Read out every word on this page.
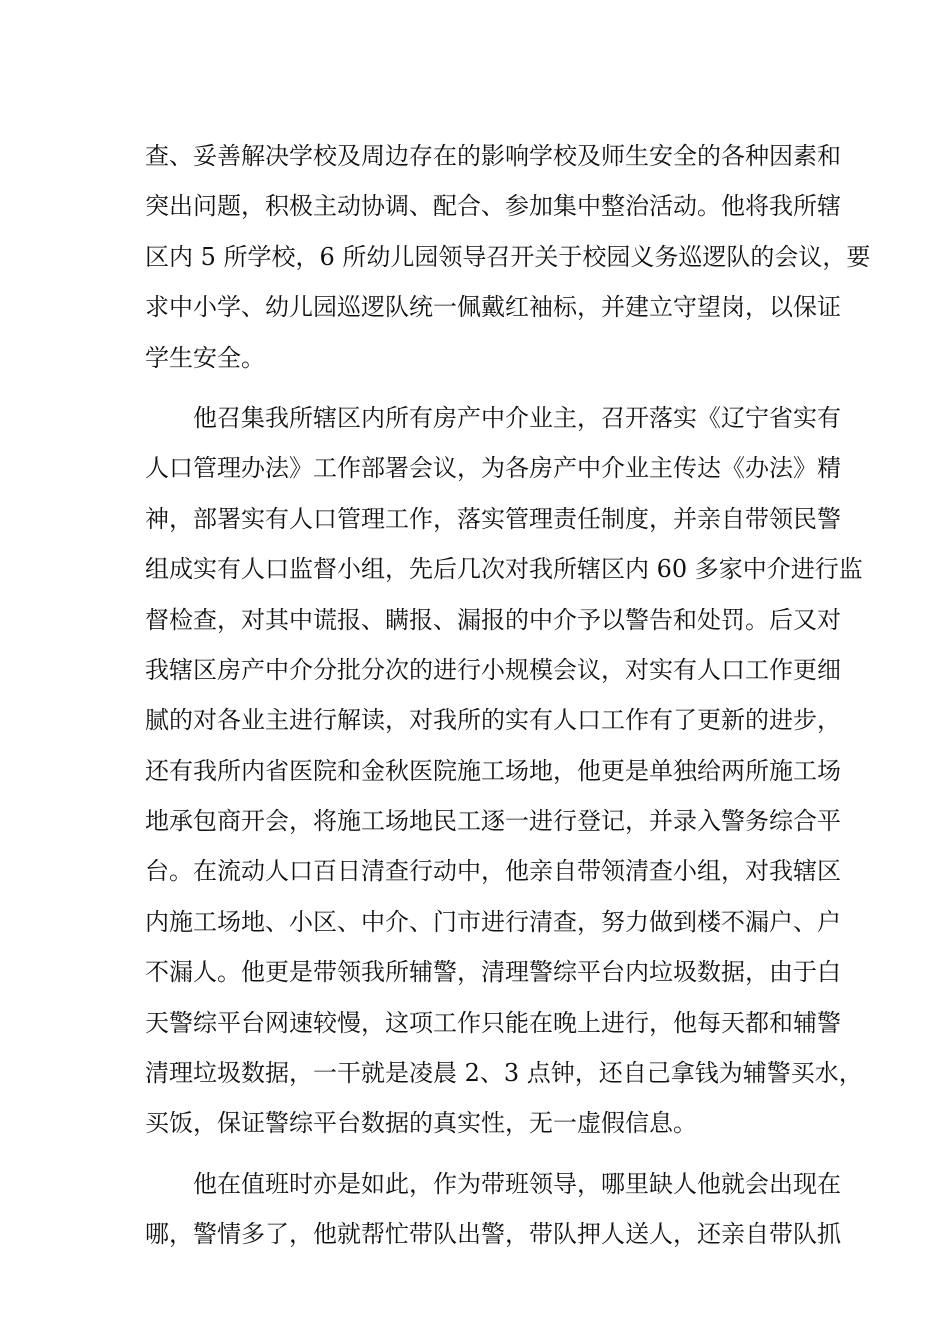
查、妥善解决学校及周边存在的影响学校及师生安全的各种因素和
突出问题，积极主动协调、配合、参加集中整治活动。他将我所辖
区内 5 所学校，6 所幼儿园领导召开关于校园义务巡逻队的会议，要
求中小学、幼儿园巡逻队统一佩戴红袖标，并建立守望岗，以保证
学生安全。
他召集我所辖区内所有房产中介业主，召开落实《辽宁省实有
人口管理办法》工作部署会议，为各房产中介业主传达《办法》精
神，部署实有人口管理工作，落实管理责任制度，并亲自带领民警
组成实有人口监督小组，先后几次对我所辖区内 60 多家中介进行监
督检查，对其中谎报、瞒报、漏报的中介予以警告和处罚。后又对
我辖区房产中介分批分次的进行小规模会议，对实有人口工作更细
腻的对各业主进行解读，对我所的实有人口工作有了更新的进步，
还有我所内省医院和金秋医院施工场地，他更是单独给两所施工场
地承包商开会，将施工场地民工逐一进行登记，并录入警务综合平
台。在流动人口百日清查行动中，他亲自带领清查小组，对我辖区
内施工场地、小区、中介、门市进行清查，努力做到楼不漏户、户
不漏人。他更是带领我所辅警，清理警综平台内垃圾数据，由于白
天警综平台网速较慢，这项工作只能在晚上进行，他每天都和辅警
清理垃圾数据，一干就是凌晨 2、3 点钟，还自己拿钱为辅警买水，
买饭，保证警综平台数据的真实性，无一虚假信息。
他在值班时亦是如此，作为带班领导，哪里缺人他就会出现在
哪，警情多了，他就帮忙带队出警，带队押人送人，还亲自带队抓
